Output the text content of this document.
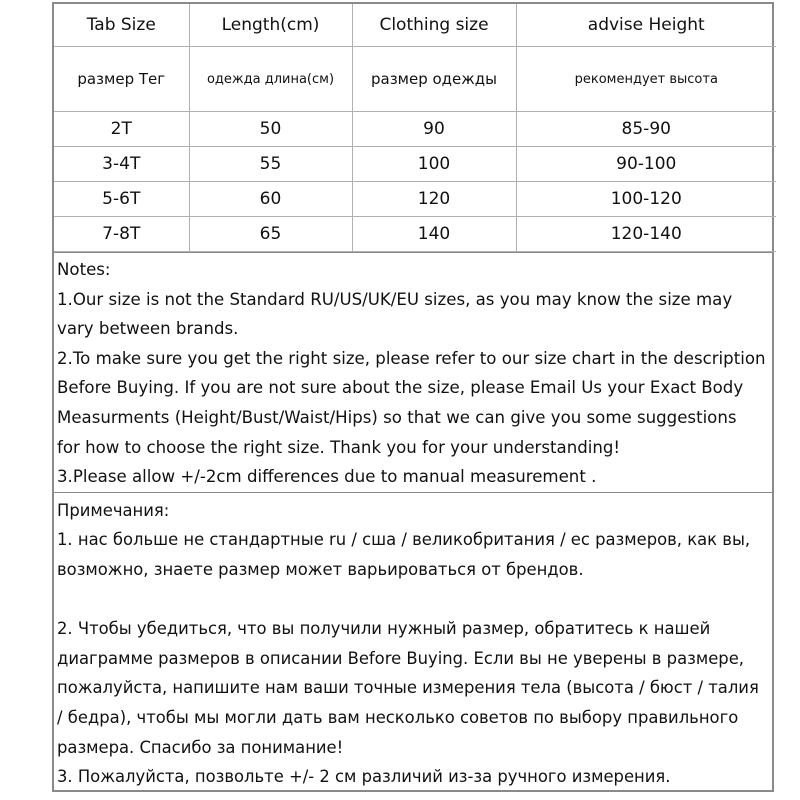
Tab Size	Length(cm)	Clothing size	advise Height
размер Тег	одежда длина(см)	размер одежды	рекомендует высота
2T	50	90	85-90
3-4T	55	100	90-100
5-6T	60	120	100-120
7-8T	65	140	120-140

Notes:

1.Our size is not the Standard RU/US/UK/EU sizes, as you may know the size may

vary between brands.

2.To make sure you get the right size, please refer to our size chart in the description

Before Buying. If you are not sure about the size, please Email Us your Exact Body

Measurments (Height/Bust/Waist/Hips) so that we can give you some suggestions

for how to choose the right size. Thank you for your understanding!

3.Please allow +/-2cm differences due to manual measurement .

Примечания:

1. нас больше не стандартные ru / сша / великобритания / ес размеров, как вы,

возможно, знаете размер может варьироваться от брендов.

2. Чтобы убедиться, что вы получили нужный размер, обратитесь к нашей

диаграмме размеров в описании Before Buying. Если вы не уверены в размере,

пожалуйста, напишите нам ваши точные измерения тела (высота / бюст / талия

/ бедра), чтобы мы могли дать вам несколько советов по выбору правильного

размера. Спасибо за понимание!

3. Пожалуйста, позвольте +/- 2 см различий из-за ручного измерения.
